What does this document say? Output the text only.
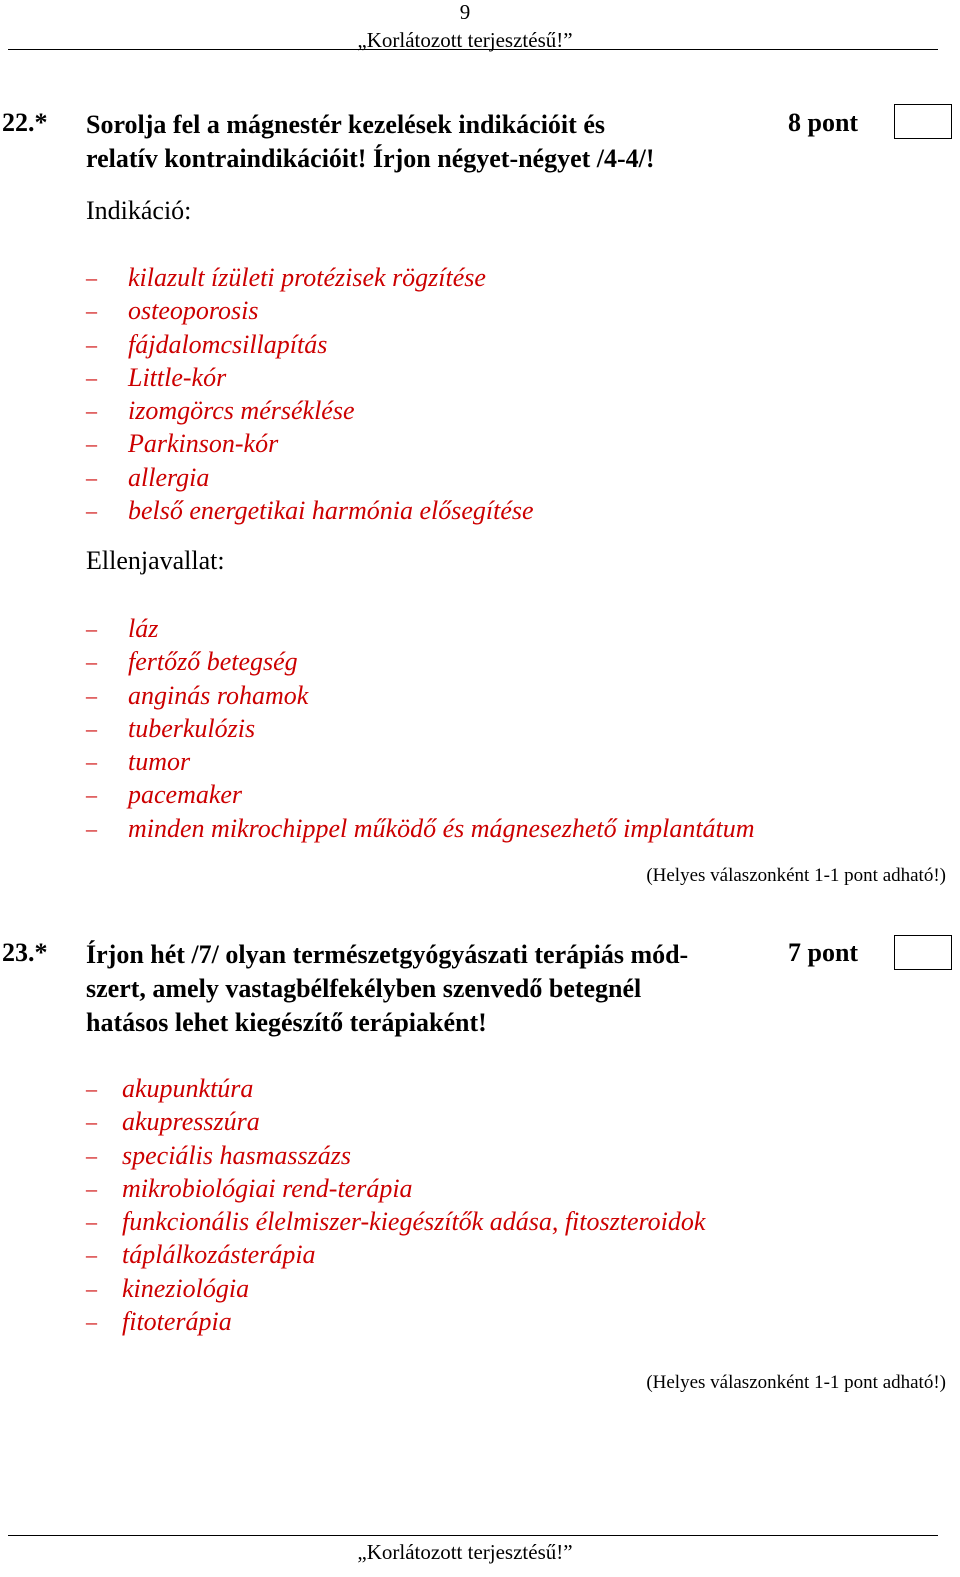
9
„Korlátozott terjesztésű!”
22.* Sorolja fel a mágnestér kezelések indikációit és
relatív kontraindikációit! Írjon négyet-négyet /4-4/!
8 pont
Indikáció:
– kilazult ízületi protézisek rögzítése
– osteoporosis
– fájdalomcsillapítás
– Little-kór
– izomgörcs mérséklése
– Parkinson-kór
– allergia
– belső energetikai harmónia elősegítése
Ellenjavallat:
– láz
– fertőző betegség
– anginás rohamok
– tuberkulózis
– tumor
– pacemaker
– minden mikrochippel működő és mágnesezhető implantátum
(Helyes válaszonként 1-1 pont adható!)
23.* Írjon hét /7/ olyan természetgyógyászati terápiás mód-
szert, amely vastagbélfekélyben szenvedő betegnél
hatásos lehet kiegészítő terápiaként!
7 pont
– akupunktúra
– akupresszúra
– speciális hasmasszázs
– mikrobiológiai rend-terápia
– funkcionális élelmiszer-kiegészítők adása, fitoszteroidok
– táplálkozásterápia
– kineziológia
– fitoterápia
(Helyes válaszonként 1-1 pont adható!)
„Korlátozott terjesztésű!”
